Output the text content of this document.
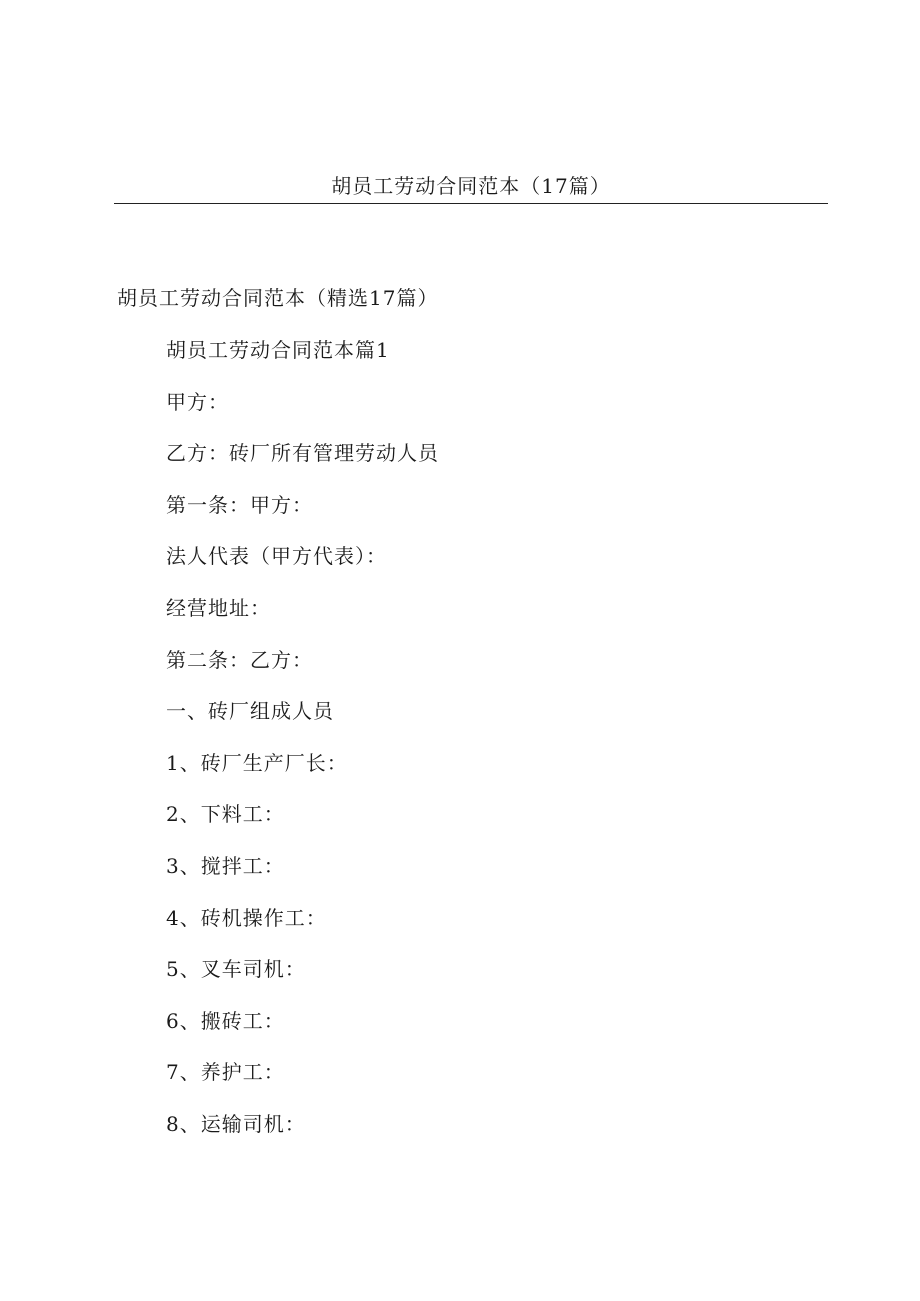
胡员工劳动合同范本（17篇）
胡员工劳动合同范本（精选17篇）
胡员工劳动合同范本篇1
甲方：
乙方：砖厂所有管理劳动人员
第一条：甲方：
法人代表（甲方代表）：
经营地址：
第二条：乙方：
一、砖厂组成人员
1、砖厂生产厂长：
2、下料工：
3、搅拌工：
4、砖机操作工：
5、叉车司机：
6、搬砖工：
7、养护工：
8、运输司机：
